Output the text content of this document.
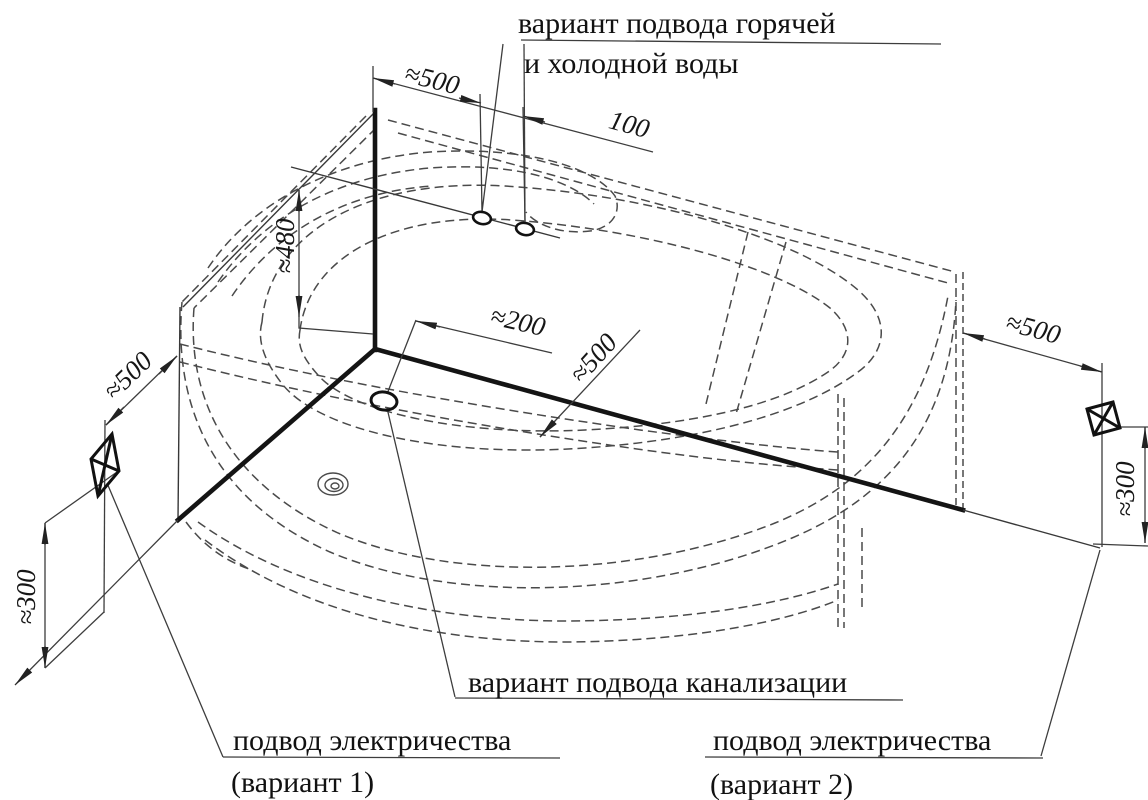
вариант подвода горячей
и холодной воды
вариант подвода канализации
подвод электричества
(вариант 1)
подвод электричества
(вариант 2)
≈500
100
≈480
≈200
≈500
≈500
≈300
≈500
≈300
